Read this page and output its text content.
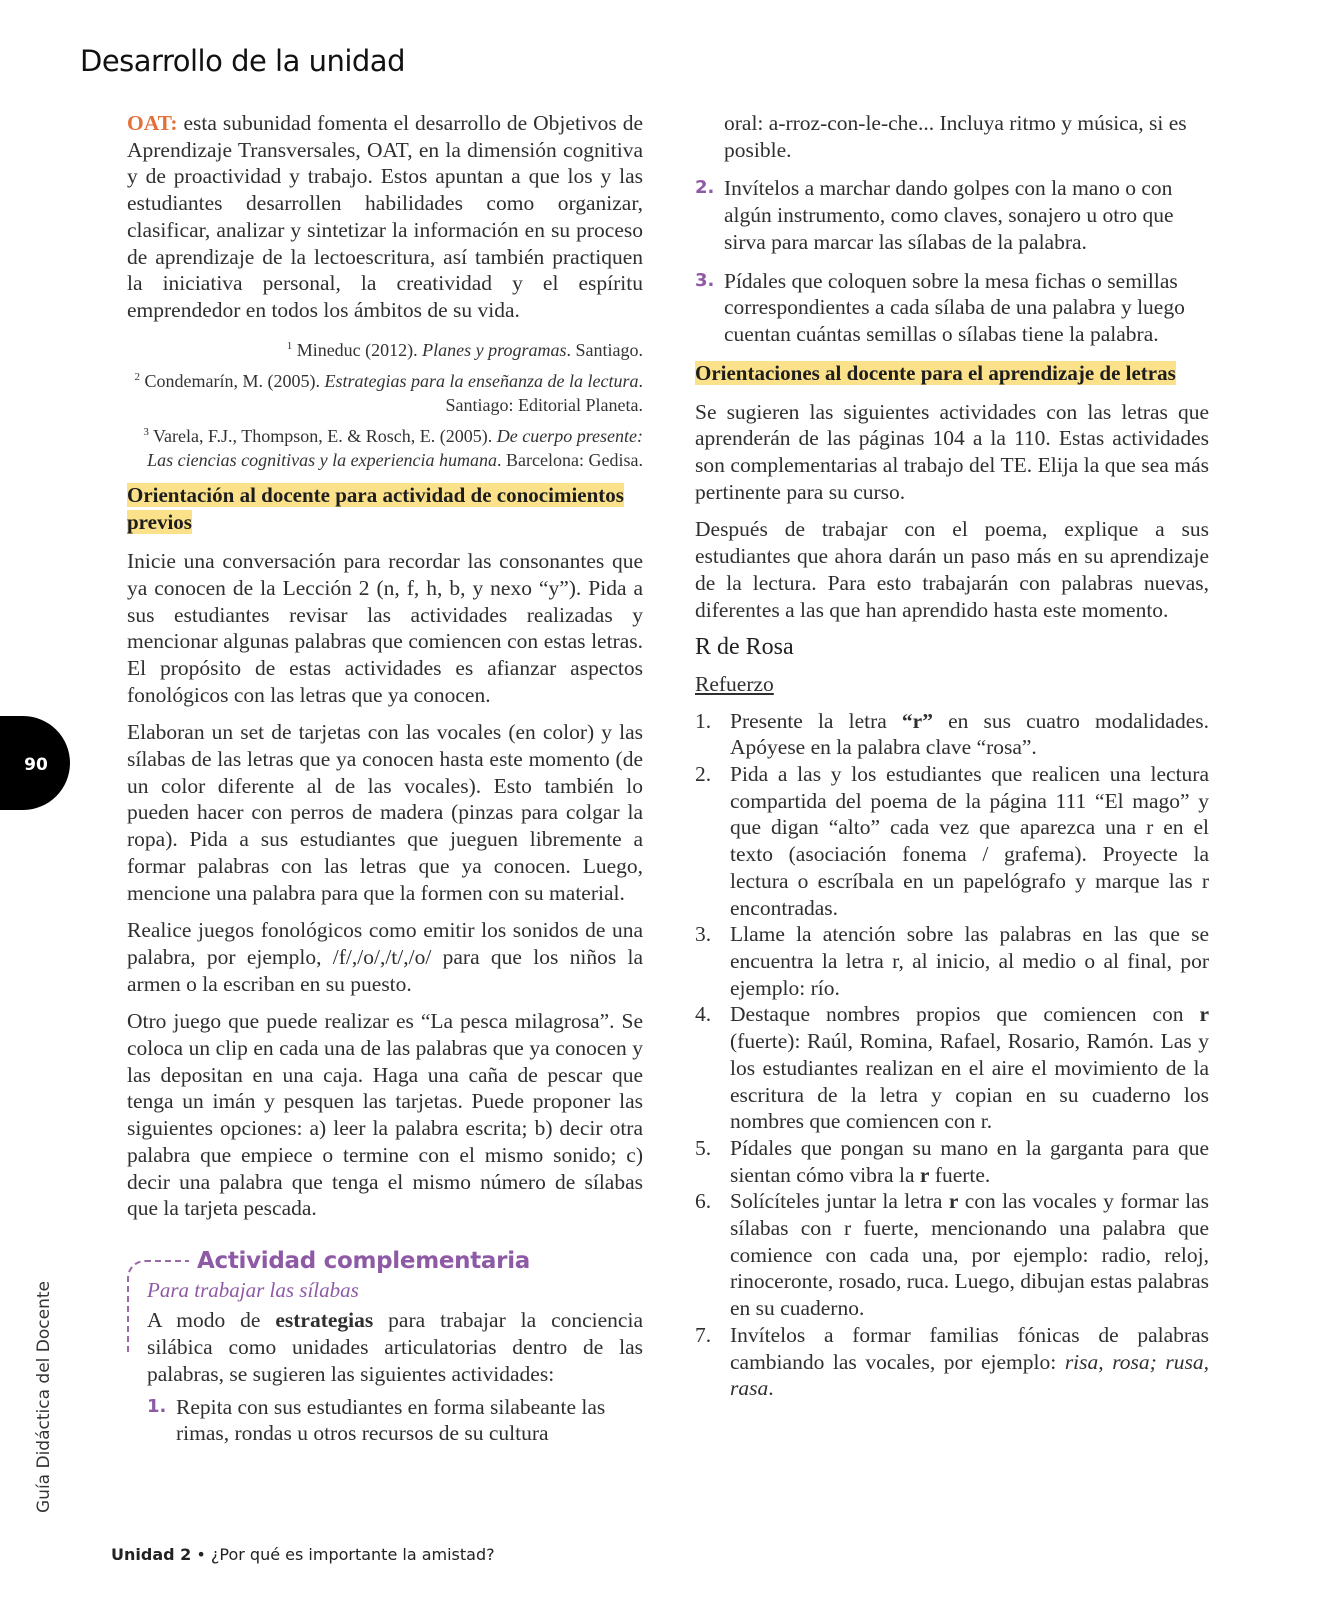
Desarrollo de la unidad

OAT: esta subunidad fomenta el desarrollo de Objetivos de Aprendizaje Transversales, OAT, en la dimensión cognitiva y de proactividad y trabajo. Estos apuntan a que los y las estudiantes desarrollen habilidades como organizar, clasificar, analizar y sintetizar la información en su proceso de aprendizaje de la lectoescritura, así también practiquen la iniciativa personal, la creatividad y el espíritu emprendedor en todos los ámbitos de su vida.

$^1$ Mineduc (2012). Planes y programas. Santiago.
$^2$ Condemarín, M. (2005). Estrategias para la enseñanza de la lectura. Santiago: Editorial Planeta.
$^3$ Varela, F.J., Thompson, E. & Rosch, E. (2005). De cuerpo presente: Las ciencias cognitivas y la experiencia humana. Barcelona: Gedisa.
Orientación al docente para actividad de conocimientos previos

Inicie una conversación para recordar las consonantes que ya conocen de la Lección 2 (n, f, h, b, y nexo “y”). Pida a sus estudiantes revisar las actividades realizadas y mencionar algunas palabras que comiencen con estas letras. El propósito de estas actividades es afianzar aspectos fonológicos con las letras que ya conocen.

Elaboran un set de tarjetas con las vocales (en color) y las sílabas de las letras que ya conocen hasta este momento (de un color diferente al de las vocales). Esto también lo pueden hacer con perros de madera (pinzas para colgar la ropa). Pida a sus estudiantes que jueguen libremente a formar palabras con las letras que ya conocen. Luego, mencione una palabra para que la formen con su material.

Realice juegos fonológicos como emitir los sonidos de una palabra, por ejemplo, /f/,/o/,/t/,/o/ para que los niños la armen o la escriban en su puesto.

Otro juego que puede realizar es “La pesca milagrosa”. Se coloca un clip en cada una de las palabras que ya conocen y las depositan en una caja. Haga una caña de pescar que tenga un imán y pesquen las tarjetas. Puede proponer las siguientes opciones: a) leer la palabra escrita; b) decir otra palabra que empiece o termine con el mismo sonido; c) decir una palabra que tenga el mismo número de sílabas que la tarjeta pescada.

Actividad complementaria
Para trabajar las sílabas

A modo de estrategias para trabajar la conciencia silábica como unidades articulatorias dentro de las palabras, se sugieren las siguientes actividades:

1. Repita con sus estudiantes en forma silabeante las rimas, rondas u otros recursos de su cultura
oral: a-rroz-con-le-che... Incluya ritmo y música, si es posible.
2. Invítelos a marchar dando golpes con la mano o con algún instrumento, como claves, sonajero u otro que sirva para marcar las sílabas de la palabra.
3. Pídales que coloquen sobre la mesa fichas o semillas correspondientes a cada sílaba de una palabra y luego cuentan cuántas semillas o sílabas tiene la palabra.
Orientaciones al docente para el aprendizaje de letras

Se sugieren las siguientes actividades con las letras que aprenderán de las páginas 104 a la 110. Estas actividades son complementarias al trabajo del TE. Elija la que sea más pertinente para su curso.

Después de trabajar con el poema, explique a sus estudiantes que ahora darán un paso más en su aprendizaje de la lectura. Para esto trabajarán con palabras nuevas, diferentes a las que han aprendido hasta este momento.

R de Rosa
Refuerzo
1. Presente la letra “r” en sus cuatro modalidades. Apóyese en la palabra clave “rosa”.
2. Pida a las y los estudiantes que realicen una lectura compartida del poema de la página 111 “El mago” y que digan “alto” cada vez que aparezca una r en el texto (asociación fonema / grafema). Proyecte la lectura o escríbala en un papelógrafo y marque las r encontradas.
3. Llame la atención sobre las palabras en las que se encuentra la letra r, al inicio, al medio o al final, por ejemplo: río.
4. Destaque nombres propios que comiencen con r (fuerte): Raúl, Romina, Rafael, Rosario, Ramón. Las y los estudiantes realizan en el aire el movimiento de la escritura de la letra y copian en su cuaderno los nombres que comiencen con r.
5. Pídales que pongan su mano en la garganta para que sientan cómo vibra la r fuerte.
6. Solícíteles juntar la letra r con las vocales y formar las sílabas con r fuerte, mencionando una palabra que comience con cada una, por ejemplo: radio, reloj, rinoceronte, rosado, ruca. Luego, dibujan estas palabras en su cuaderno.
7. Invítelos a formar familias fónicas de palabras cambiando las vocales, por ejemplo: risa, rosa; rusa, rasa.
90
Guía Didáctica del Docente
Unidad 2 • ¿Por qué es importante la amistad?
